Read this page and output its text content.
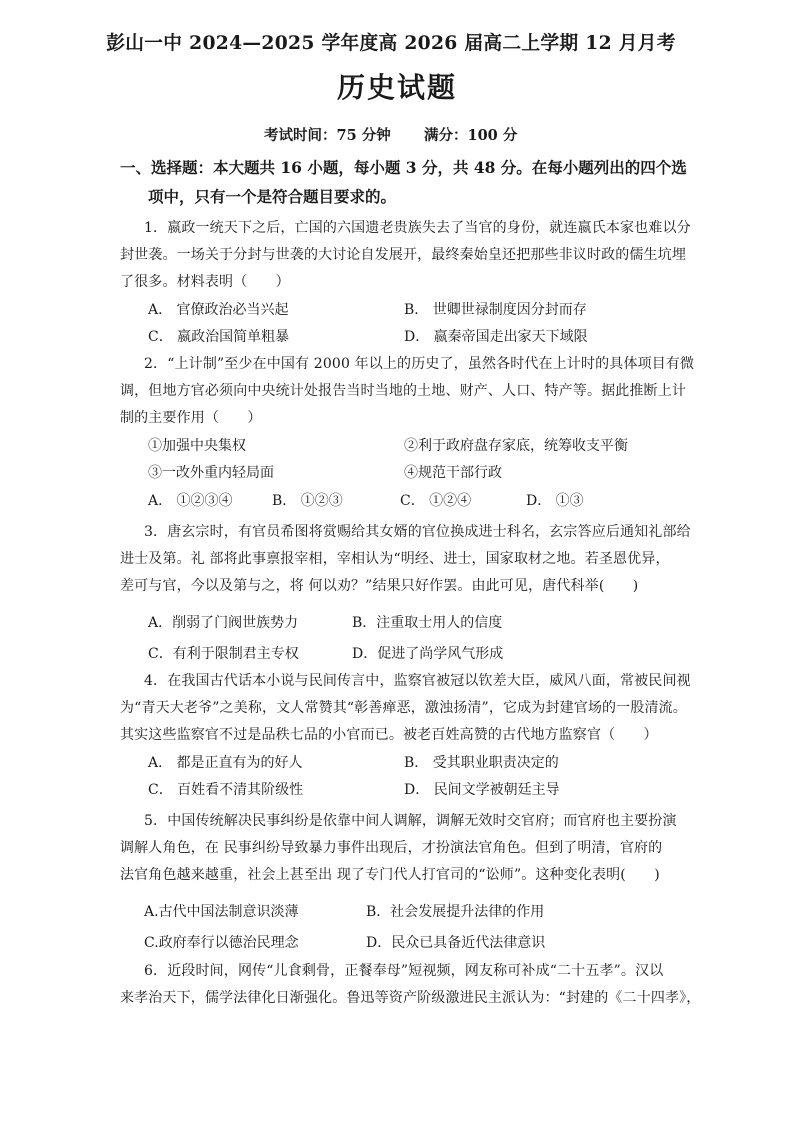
彭山一中 2024—2025 学年度高 2026 届高二上学期 12 月月考
历史试题
考试时间：75 分钟 满分：100 分
一、选择题：本大题共 16 小题，每小题 3 分，共 48 分。在每小题列出的四个选
项中，只有一个是符合题目要求的。
1．嬴政一统天下之后，亡国的六国遗老贵族失去了当官的身份，就连嬴氏本家也难以分
封世袭。一场关于分封与世袭的大讨论自发展开，最终秦始皇还把那些非议时政的儒生坑埋
了很多。材料表明（　　）
A． 官僚政治必当兴起	B． 世卿世禄制度因分封而存
C． 嬴政治国简单粗暴	D． 嬴秦帝国走出家天下域限
2．“上计制”至少在中国有 2000 年以上的历史了，虽然各时代在上计时的具体项目有微
调，但地方官必须向中央统计处报告当时当地的土地、财产、人口、特产等。据此推断上计
制的主要作用（　　）
①加强中央集权	②利于政府盘存家底，统筹收支平衡
③一改外重内轻局面	④规范干部行政
A． ①②③④	B． ①②③	C． ①②④	D． ①③
3．唐玄宗时，有官员希图将赏赐给其女婿的官位换成进士科名，玄宗答应后通知礼部给
进士及第。礼 部将此事禀报宰相，宰相认为“明经、进士，国家取材之地。若圣恩优异，
差可与官，今以及第与之，将 何以劝？”结果只好作罢。由此可见，唐代科举(　　)
A．削弱了门阀世族势力	B．注重取士用人的信度
C．有利于限制君主专权	D．促进了尚学风气形成
4．在我国古代话本小说与民间传言中，监察官被冠以钦差大臣，威风八面，常被民间视
为“青天大老爷”之美称，文人常赞其“彰善瘅恶，激浊扬清”，它成为封建官场的一股清流。
其实这些监察官不过是品秩七品的小官而已。被老百姓高赞的古代地方监察官（　　）
A． 都是正直有为的好人	B． 受其职业职责决定的
C． 百姓看不清其阶级性	D． 民间文学被朝廷主导
5．中国传统解决民事纠纷是依靠中间人调解，调解无效时交官府；而官府也主要扮演
调解人角色，在 民事纠纷导致暴力事件出现后，才扮演法官角色。但到了明清，官府的
法官角色越来越重，社会上甚至出 现了专门代人打官司的“讼师”。这种变化表明(　　)
A.古代中国法制意识淡薄	B．社会发展提升法律的作用
C.政府奉行以德治民理念	D．民众已具备近代法律意识
6．近段时间，网传“儿食剩骨，正餐奉母”短视频，网友称可补成“二十五孝”。汉以
来孝治天下，儒学法律化日渐强化。鲁迅等资产阶级激进民主派认为：“封建的《二十四孝》，
